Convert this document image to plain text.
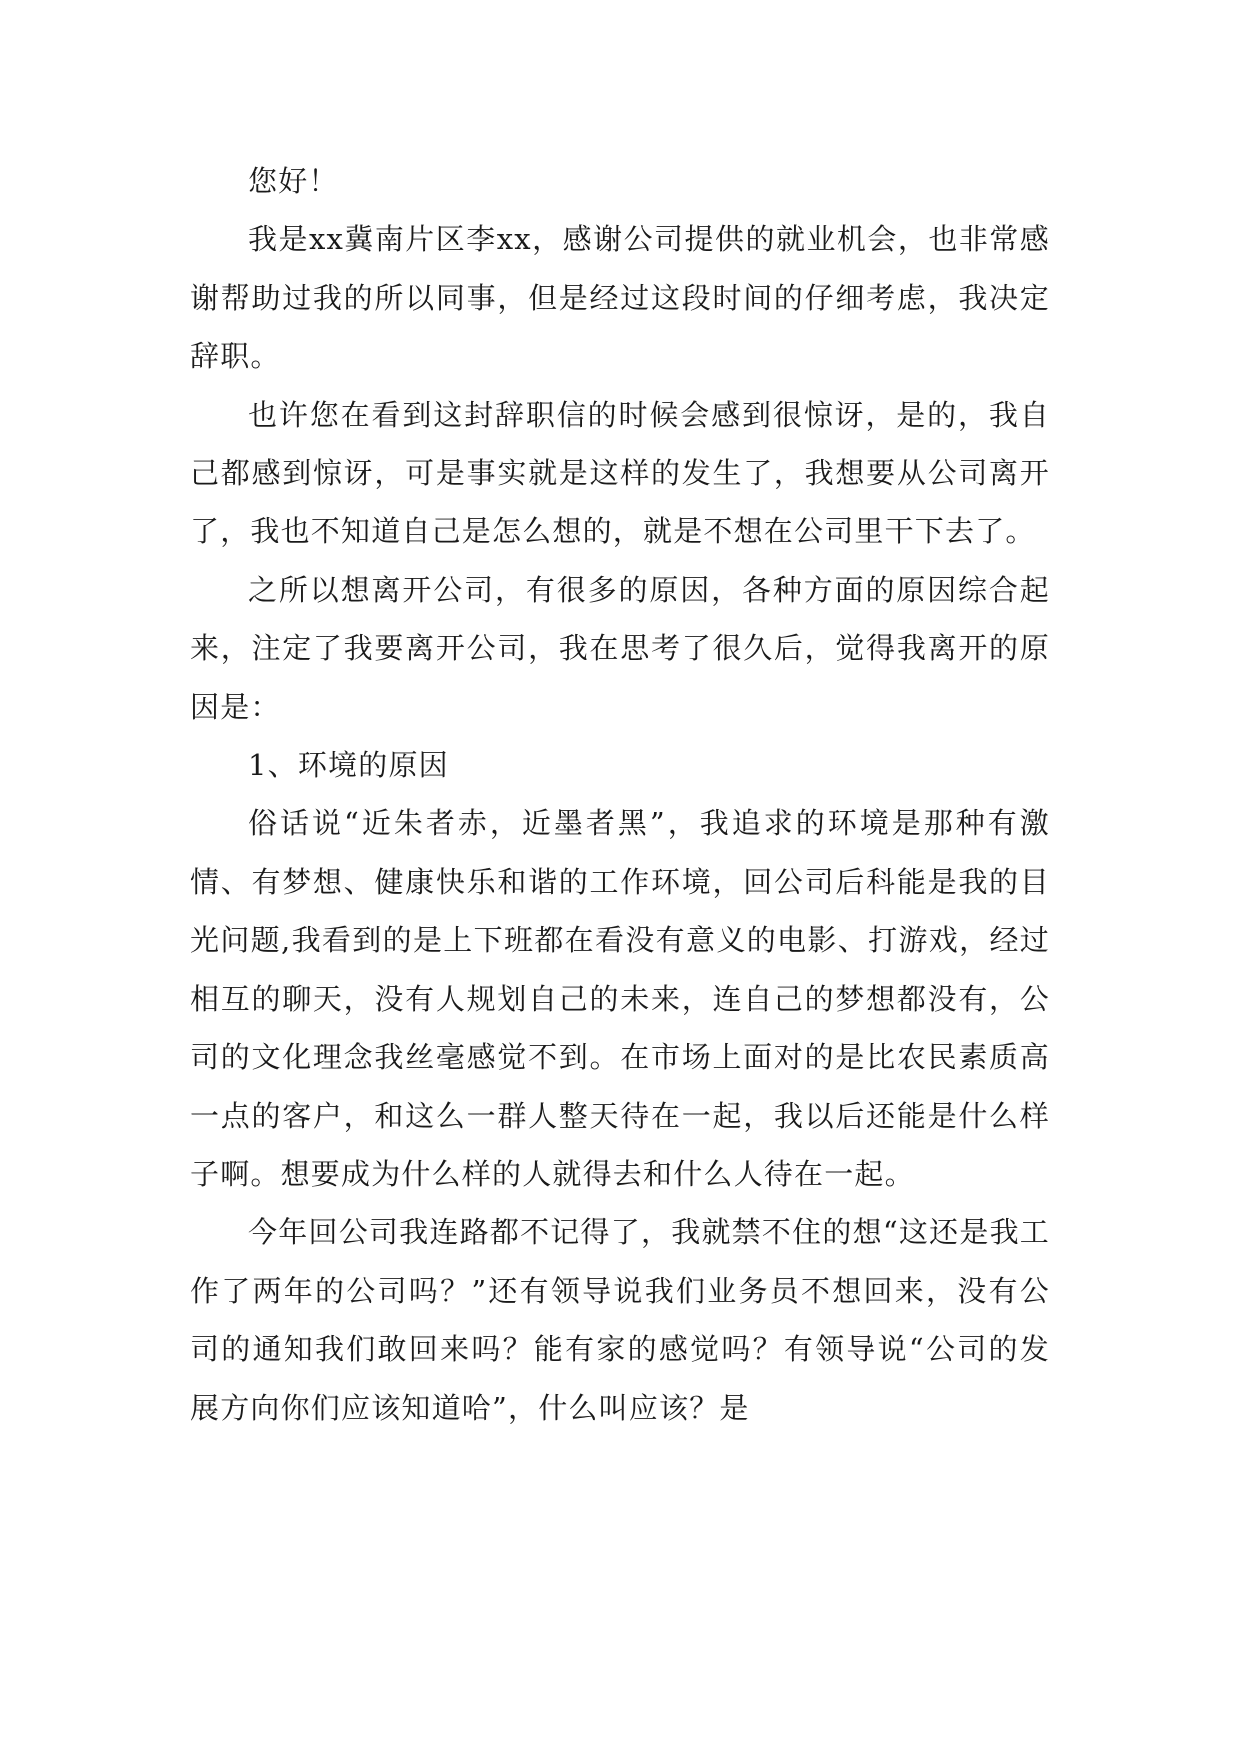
您好！

我是xx冀南片区李xx，感谢公司提供的就业机会，也非常感谢帮助过我的所以同事，但是经过这段时间的仔细考虑，我决定辞职。

也许您在看到这封辞职信的时候会感到很惊讶，是的，我自己都感到惊讶，可是事实就是这样的发生了，我想要从公司离开了，我也不知道自己是怎么想的，就是不想在公司里干下去了。

之所以想离开公司，有很多的原因，各种方面的原因综合起来，注定了我要离开公司，我在思考了很久后，觉得我离开的原因是：

1、环境的原因

俗话说“近朱者赤，近墨者黑”，我追求的环境是那种有激情、有梦想、健康快乐和谐的工作环境，回公司后科能是我的目光问题,我看到的是上下班都在看没有意义的电影、打游戏，经过相互的聊天，没有人规划自己的未来，连自己的梦想都没有，公司的文化理念我丝毫感觉不到。在市场上面对的是比农民素质高一点的客户，和这么一群人整天待在一起，我以后还能是什么样子啊。想要成为什么样的人就得去和什么人待在一起。

今年回公司我连路都不记得了，我就禁不住的想“这还是我工作了两年的公司吗？”还有领导说我们业务员不想回来，没有公司的通知我们敢回来吗？能有家的感觉吗？有领导说“公司的发展方向你们应该知道哈”，什么叫应该？是
